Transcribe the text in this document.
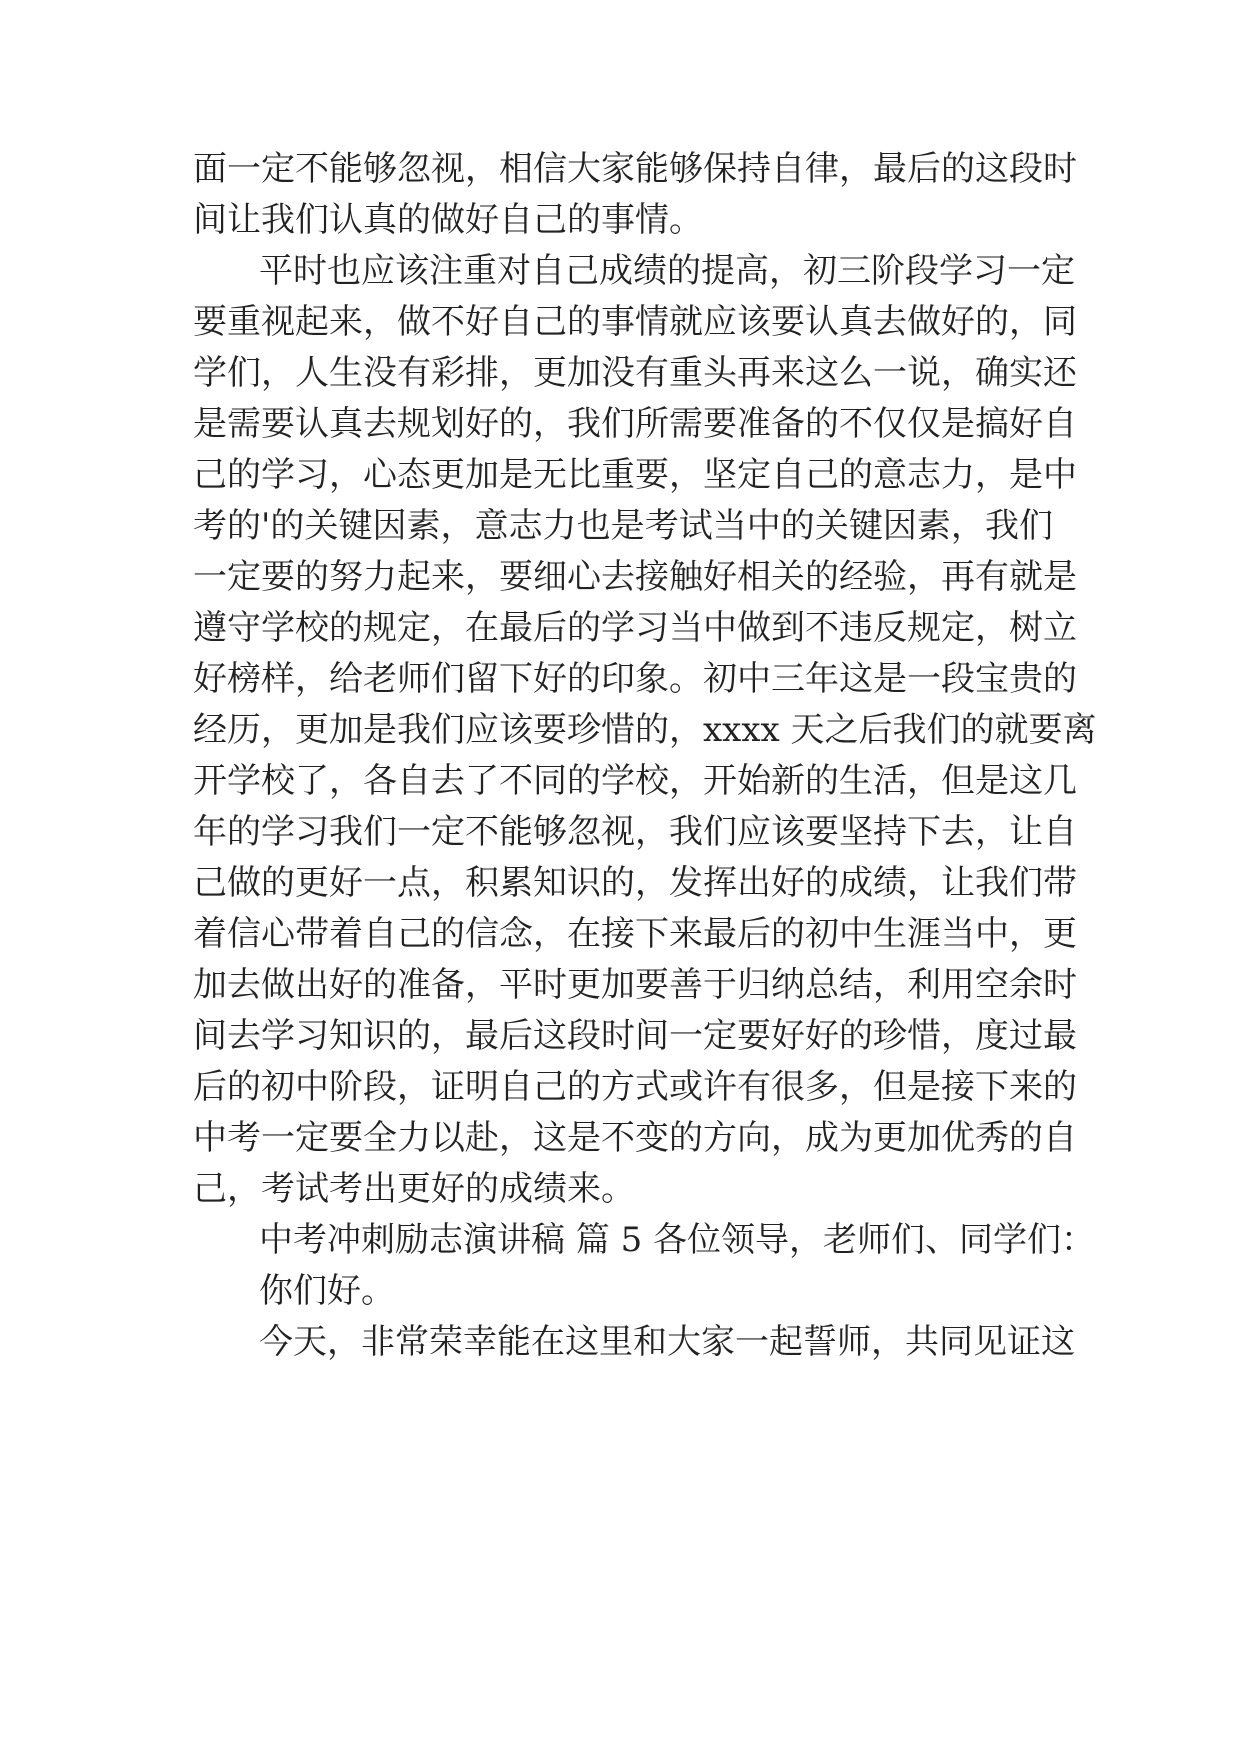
面一定不能够忽视，相信大家能够保持自律，最后的这段时
间让我们认真的做好自己的事情。
平时也应该注重对自己成绩的提高，初三阶段学习一定
要重视起来，做不好自己的事情就应该要认真去做好的，同
学们，人生没有彩排，更加没有重头再来这么一说，确实还
是需要认真去规划好的，我们所需要准备的不仅仅是搞好自
己的学习，心态更加是无比重要，坚定自己的意志力，是中
考的'的关键因素，意志力也是考试当中的关键因素，我们
一定要的努力起来，要细心去接触好相关的经验，再有就是
遵守学校的规定，在最后的学习当中做到不违反规定，树立
好榜样，给老师们留下好的印象。初中三年这是一段宝贵的
经历，更加是我们应该要珍惜的，xxxx 天之后我们的就要离
开学校了，各自去了不同的学校，开始新的生活，但是这几
年的学习我们一定不能够忽视，我们应该要坚持下去，让自
己做的更好一点，积累知识的，发挥出好的成绩，让我们带
着信心带着自己的信念，在接下来最后的初中生涯当中，更
加去做出好的准备，平时更加要善于归纳总结，利用空余时
间去学习知识的，最后这段时间一定要好好的珍惜，度过最
后的初中阶段，证明自己的方式或许有很多，但是接下来的
中考一定要全力以赴，这是不变的方向，成为更加优秀的自
己，考试考出更好的成绩来。
中考冲刺励志演讲稿 篇 5 各位领导，老师们、同学们：
你们好。
今天，非常荣幸能在这里和大家一起誓师，共同见证这
